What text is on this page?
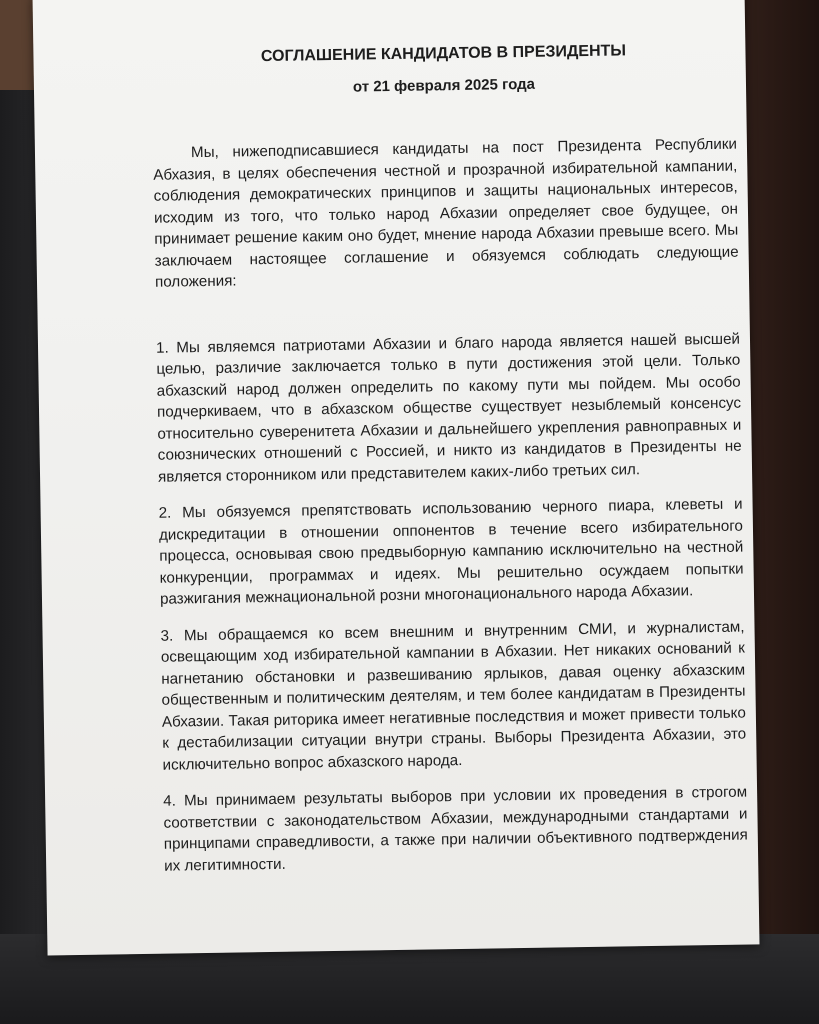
СОГЛАШЕНИЕ КАНДИДАТОВ В ПРЕЗИДЕНТЫ

от 21 февраля 2025 года

Мы, нижеподписавшиеся кандидаты на пост Президента Республики Абхазия, в целях обеспечения честной и прозрачной избирательной кампании, соблюдения демократических принципов и защиты национальных интересов, исходим из того, что только народ Абхазии определяет свое будущее, он принимает решение каким оно будет, мнение народа Абхазии превыше всего. Мы заключаем настоящее соглашение и обязуемся соблюдать следующие положения:

1. Мы являемся патриотами Абхазии и благо народа является нашей высшей целью, различие заключается только в пути достижения этой цели. Только абхазский народ должен определить по какому пути мы пойдем. Мы особо подчеркиваем, что в абхазском обществе существует незыблемый консенсус относительно суверенитета Абхазии и дальнейшего укрепления равноправных и союзнических отношений с Россией, и никто из кандидатов в Президенты не является сторонником или представителем каких-либо третьих сил.

2. Мы обязуемся препятствовать использованию черного пиара, клеветы и дискредитации в отношении оппонентов в течение всего избирательного процесса, основывая свою предвыборную кампанию исключительно на честной конкуренции, программах и идеях. Мы решительно осуждаем попытки разжигания межнациональной розни многонационального народа Абхазии.

3. Мы обращаемся ко всем внешним и внутренним СМИ, и журналистам, освещающим ход избирательной кампании в Абхазии. Нет никаких оснований к нагнетанию обстановки и развешиванию ярлыков, давая оценку абхазским общественным и политическим деятелям, и тем более кандидатам в Президенты Абхазии. Такая риторика имеет негативные последствия и может привести только к дестабилизации ситуации внутри страны. Выборы Президента Абхазии, это исключительно вопрос абхазского народа.

4. Мы принимаем результаты выборов при условии их проведения в строгом соответствии с законодательством Абхазии, международными стандартами и принципами справедливости, а также при наличии объективного подтверждения их легитимности.
